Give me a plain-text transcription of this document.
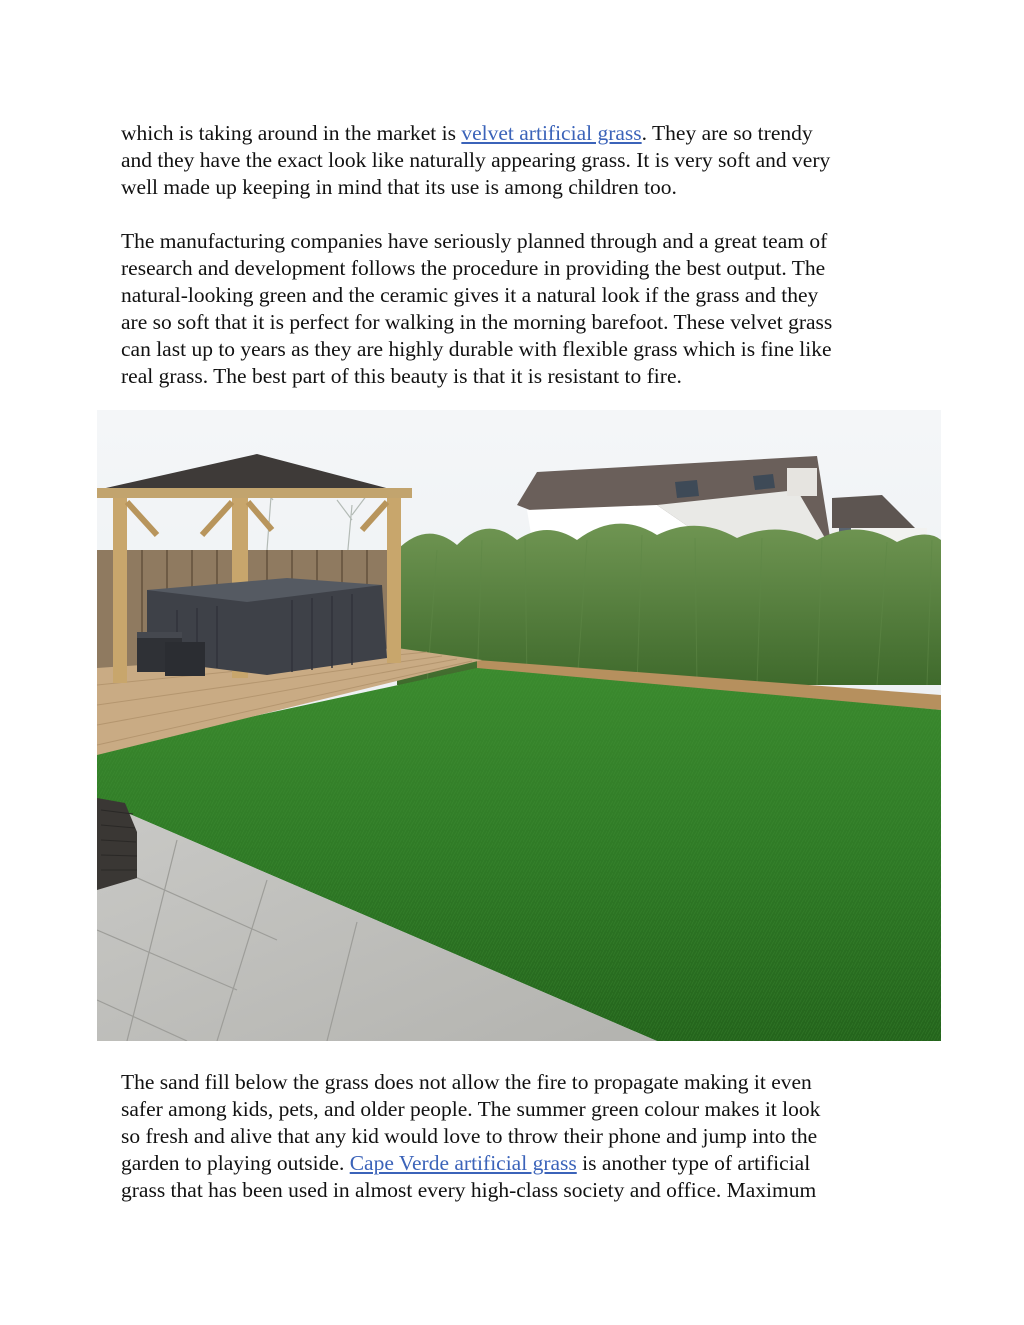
which is taking around in the market is velvet artificial grass. They are so trendy
and they have the exact look like naturally appearing grass. It is very soft and very
well made up keeping in mind that its use is among children too.

The manufacturing companies have seriously planned through and a great team of
research and development follows the procedure in providing the best output. The
natural-looking green and the ceramic gives it a natural look if the grass and they
are so soft that it is perfect for walking in the morning barefoot. These velvet grass
can last up to years as they are highly durable with flexible grass which is fine like
real grass. The best part of this beauty is that it is resistant to fire.

The sand fill below the grass does not allow the fire to propagate making it even
safer among kids, pets, and older people. The summer green colour makes it look
so fresh and alive that any kid would love to throw their phone and jump into the
garden to playing outside. Cape Verde artificial grass is another type of artificial
grass that has been used in almost every high-class society and office. Maximum
